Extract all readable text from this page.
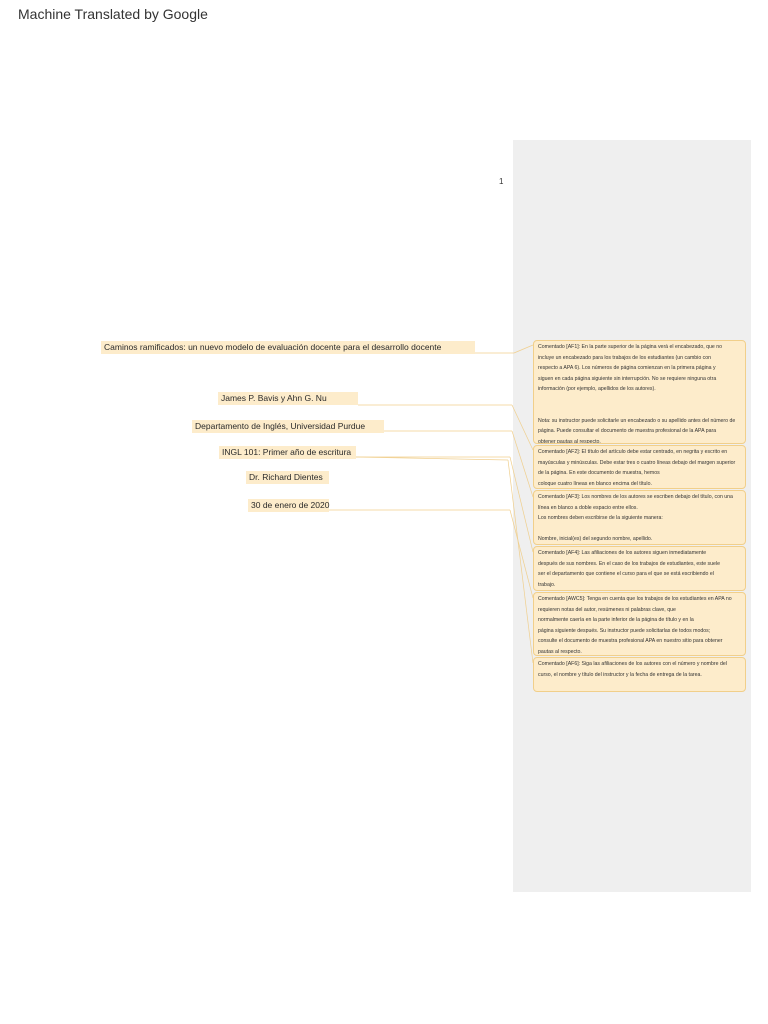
Machine Translated by Google
1
Caminos ramificados: un nuevo modelo de evaluación docente para el desarrollo docente
James P. Bavis y Ahn G. Nu
Departamento de Inglés, Universidad Purdue
INGL 101: Primer año de escritura
Dr. Richard Dientes
30 de enero de 2020

Comentado [AF1]: En la parte superior de la página verá el encabezado, que no

incluye un encabezado para los trabajos de los estudiantes (un cambio con

respecto a APA 6). Los números de página comienzan en la primera página y

siguen en cada página siguiente sin interrupción. No se requiere ninguna otra

información (por ejemplo, apellidos de los autores).

Nota: su instructor puede solicitarle un encabezado o su apellido antes del número de

página. Puede consultar el documento de muestra profesional de la APA para

obtener pautas al respecto.

Comentado [AF2]: El título del artículo debe estar centrado, en negrita y escrito en

mayúsculas y minúsculas. Debe estar tres o cuatro líneas debajo del margen superior

de la página. En este documento de muestra, hemos

coloque cuatro líneas en blanco encima del título.

Comentado [AF3]: Los nombres de los autores se escriben debajo del título, con una

línea en blanco a doble espacio entre ellos.

Los nombres deben escribirse de la siguiente manera:

Nombre, inicial(es) del segundo nombre, apellido.

Comentado [AF4]: Las afiliaciones de los autores siguen inmediatamente

después de sus nombres. En el caso de los trabajos de estudiantes, este suele

ser el departamento que contiene el curso para el que se está escribiendo el

trabajo.

Comentado [AWC5]: Tenga en cuenta que los trabajos de los estudiantes en APA no

requieren notas del autor, resúmenes ni palabras clave, que

normalmente caería en la parte inferior de la página de título y en la

página siguiente después. Su instructor puede solicitarlas de todos modos;

consulte el documento de muestra profesional APA en nuestro sitio para obtener

pautas al respecto.

Comentado [AF6]: Siga las afiliaciones de los autores con el número y nombre del

curso, el nombre y título del instructor y la fecha de entrega de la tarea.
